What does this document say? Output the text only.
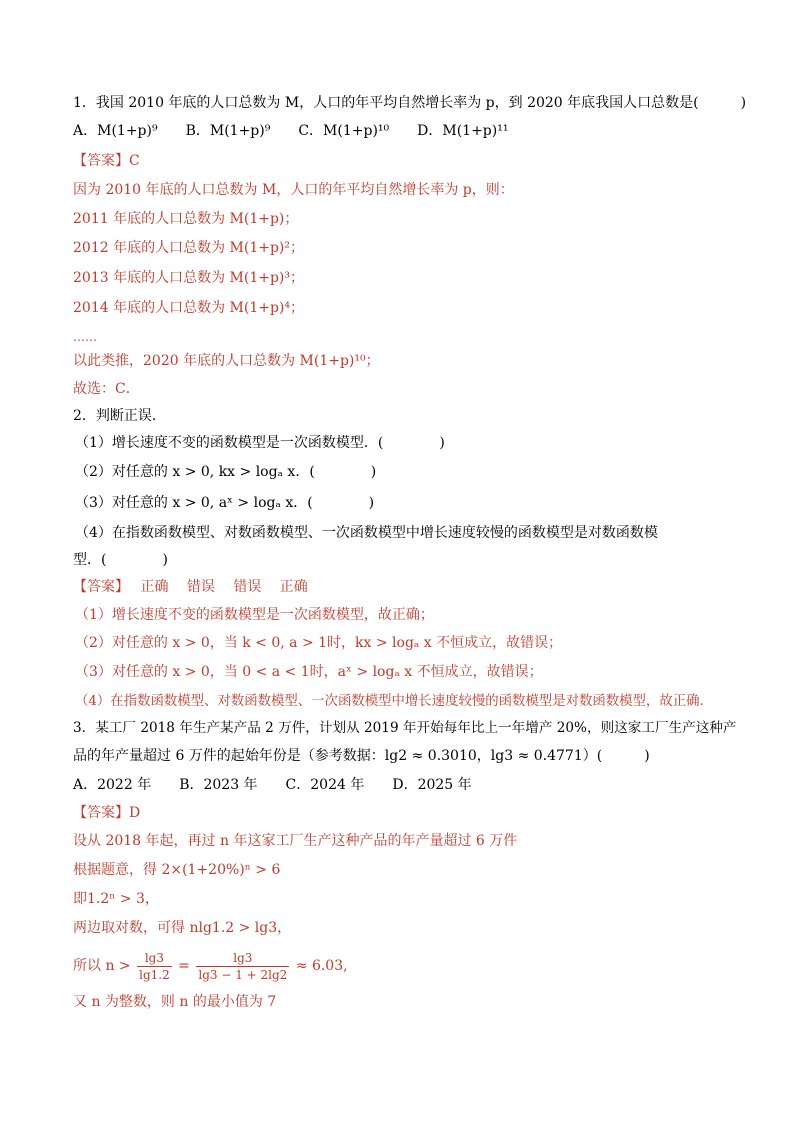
1．我国 2010 年底的人口总数为 M，人口的年平均自然增长率为 p，到 2020 年底我国人口总数是(　　　)
A．M(1+p)⁹　　B．M(1+p)⁹　　C．M(1+p)¹⁰　　D．M(1+p)¹¹
【答案】C
因为 2010 年底的人口总数为 M，人口的年平均自然增长率为 p，则：
2011 年底的人口总数为 M(1+p)；
2012 年底的人口总数为 M(1+p)²；
2013 年底的人口总数为 M(1+p)³；
2014 年底的人口总数为 M(1+p)⁴；
……
以此类推，2020 年底的人口总数为 M(1+p)¹⁰；
故选：C．
2．判断正误．
（1）增长速度不变的函数模型是一次函数模型．(　　　　)
（2）对任意的 x > 0, kx > logₐ x．(　　　　)
（3）对任意的 x > 0, aˣ > logₐ x．(　　　　)
（4）在指数函数模型、对数函数模型、一次函数模型中增长速度较慢的函数模型是对数函数模
型．(　　　　)
【答案】　 正确　 错误　 错误　 正确
（1）增长速度不变的函数模型是一次函数模型，故正确；
（2）对任意的 x > 0，当 k < 0, a > 1时，kx > logₐ x 不恒成立，故错误；
（3）对任意的 x > 0，当 0 < a < 1时，aˣ > logₐ x 不恒成立，故错误；
（4）在指数函数模型、对数函数模型、一次函数模型中增长速度较慢的函数模型是对数函数模型，故正确.
3．某工厂 2018 年生产某产品 2 万件，计划从 2019 年开始每年比上一年增产 20%，则这家工厂生产这种产
品的年产量超过 6 万件的起始年份是（参考数据：lg2 ≈ 0.3010，lg3 ≈ 0.4771）(　　　)
A．2022 年　　B．2023 年　　C．2024 年　　D．2025 年
【答案】D
设从 2018 年起，再过 n 年这家工厂生产这种产品的年产量超过 6 万件
根据题意，得 2×(1+20%)ⁿ > 6
即1.2ⁿ > 3，
两边取对数，可得 nlg1.2 > lg3，
所以 $n > \frac{\lg 3}{\lg 1.2} = \frac{\lg 3}{\lg 3 - 1 + 2\lg 2} \approx 6.03$,
又 n 为整数，则 n 的最小值为 7
